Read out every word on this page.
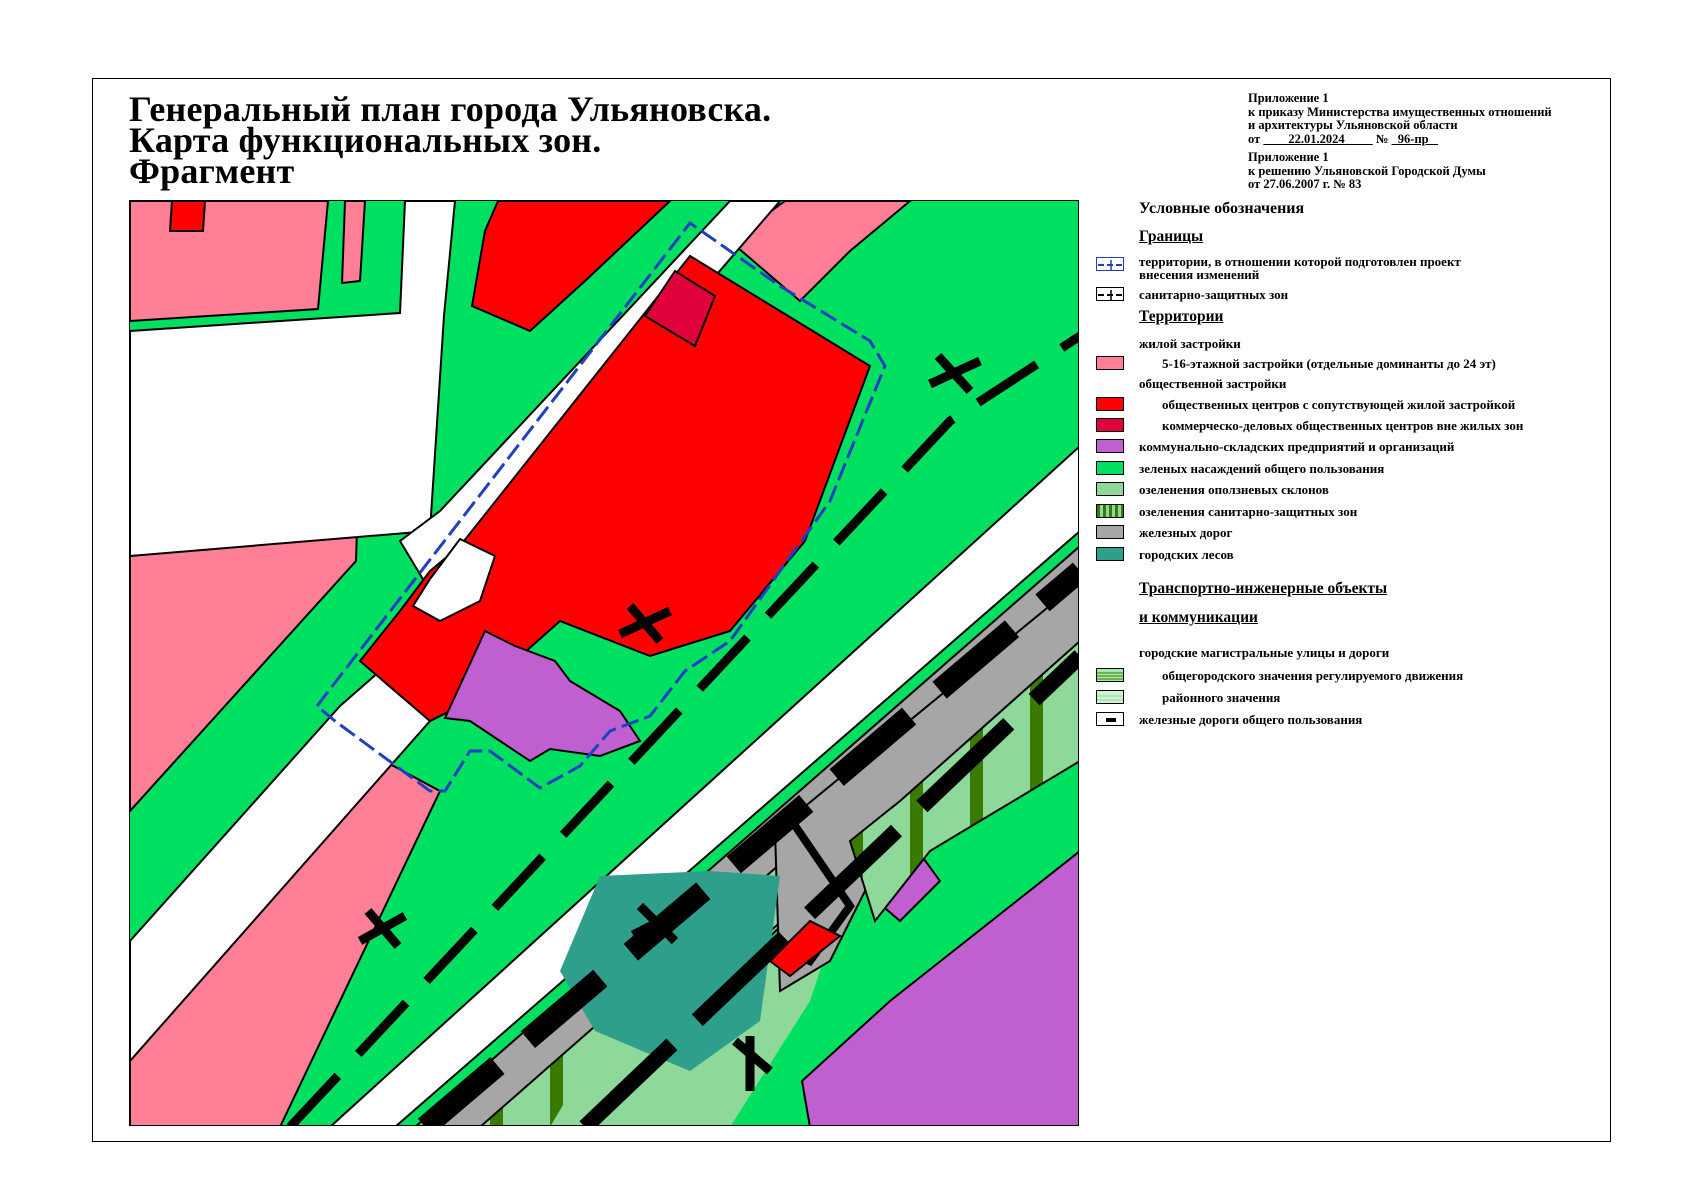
Генеральный план города Ульяновска.
Карта функциональных зон.
Фрагмент
Приложение 1
к приказу Министерства имущественных отношений
и архитектуры Ульяновской области
от 22.01.2024	№ 96-пр
Приложение 1
к решению Ульяновской Городской Думы
от 27.06.2007 г. № 83
Условные обозначения
Границы
территории, в отношении которой подготовлен проект
внесения изменений
санитарно-защитных зон
Территории
жилой застройки
5-16-этажной застройки (отдельные доминанты до 24 эт)
общественной застройки
общественных центров с сопутствующей жилой застройкой
коммерческо-деловых общественных центров вне жилых зон
коммунально-складских предприятий и организаций
зеленых насаждений общего пользования
озеленения оползневых склонов
озеленения санитарно-защитных зон
железных дорог
городских лесов
Транспортно-инженерные объекты
и коммуникации
городские магистральные улицы и дороги
общегородского значения регулируемого движения
районного значения
железные дороги общего пользования
